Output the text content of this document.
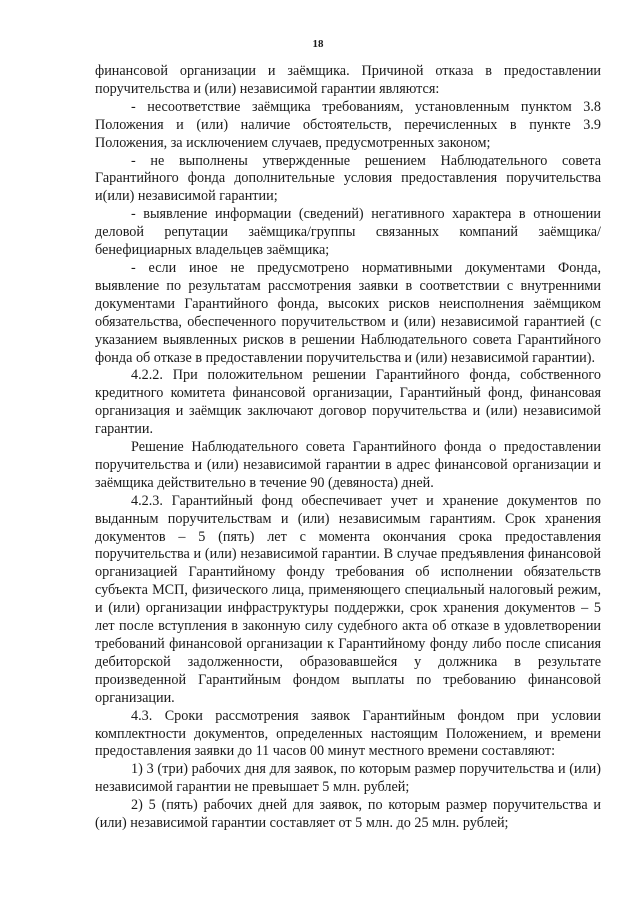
18

финансовой организации и заёмщика. Причиной отказа в предоставлении поручительства и (или) независимой гарантии являются:

- несоответствие заёмщика требованиям, установленным пунктом 3.8 Положения и (или) наличие обстоятельств, перечисленных в пункте 3.9 Положения, за исключением случаев, предусмотренных законом;

- не выполнены утвержденные решением Наблюдательного совета Гарантийного фонда дополнительные условия предоставления поручительства и(или) независимой гарантии;

- выявление информации (сведений) негативного характера в отношении деловой репутации заёмщика/группы связанных компаний заёмщика/бенефициарных владельцев заёмщика;

- если иное не предусмотрено нормативными документами Фонда, выявление по результатам рассмотрения заявки в соответствии с внутренними документами Гарантийного фонда, высоких рисков неисполнения заёмщиком обязательства, обеспеченного поручительством и (или) независимой гарантией (с указанием выявленных рисков в решении Наблюдательного совета Гарантийного фонда об отказе в предоставлении поручительства и (или) независимой гарантии).

4.2.2. При положительном решении Гарантийного фонда, собственного кредитного комитета финансовой организации, Гарантийный фонд, финансовая организация и заёмщик заключают договор поручительства и (или) независимой гарантии.

Решение Наблюдательного совета Гарантийного фонда о предоставлении поручительства и (или) независимой гарантии в адрес финансовой организации и заёмщика действительно в течение 90 (девяноста) дней.

4.2.3. Гарантийный фонд обеспечивает учет и хранение документов по выданным поручительствам и (или) независимым гарантиям. Срок хранения документов – 5 (пять) лет с момента окончания срока предоставления поручительства и (или) независимой гарантии. В случае предъявления финансовой организацией Гарантийному фонду требования об исполнении обязательств субъекта МСП, физического лица, применяющего специальный налоговый режим, и (или) организации инфраструктуры поддержки, срок хранения документов – 5 лет после вступления в законную силу судебного акта об отказе в удовлетворении требований финансовой организации к Гарантийному фонду либо после списания дебиторской задолженности, образовавшейся у должника в результате произведенной Гарантийным фондом выплаты по требованию финансовой организации.

4.3. Сроки рассмотрения заявок Гарантийным фондом при условии комплектности документов, определенных настоящим Положением, и времени предоставления заявки до 11 часов 00 минут местного времени составляют:

1) 3 (три) рабочих дня для заявок, по которым размер поручительства и (или) независимой гарантии не превышает 5 млн. рублей;

2) 5 (пять) рабочих дней для заявок, по которым размер поручительства и (или) независимой гарантии составляет от 5 млн. до 25 млн. рублей;
